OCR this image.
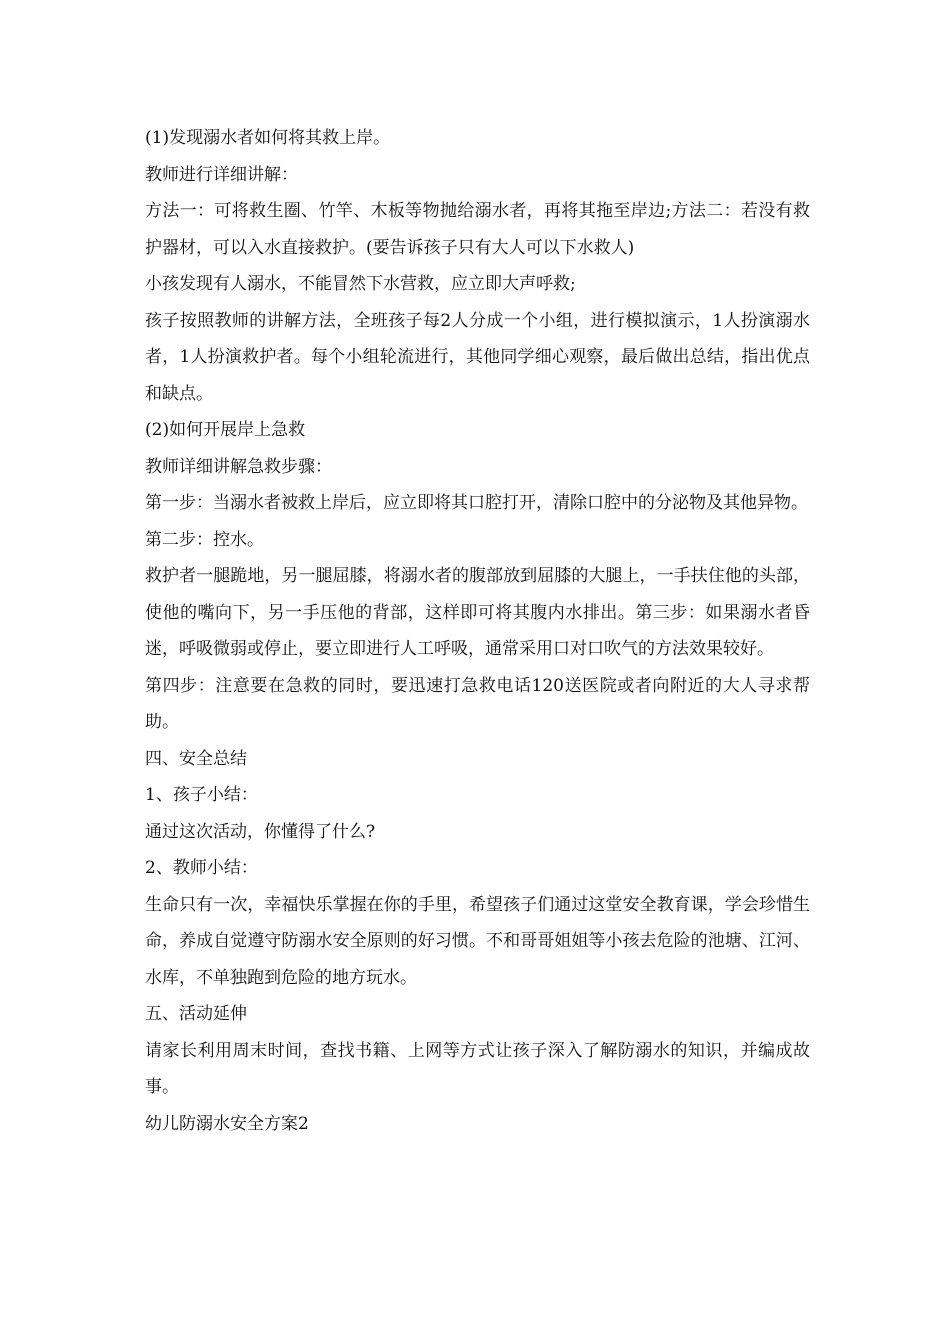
(1)发现溺水者如何将其救上岸。

教师进行详细讲解：

方法一：可将救生圈、竹竿、木板等物抛给溺水者，再将其拖至岸边;方法二：若没有救护器材，可以入水直接救护。(要告诉孩子只有大人可以下水救人)

小孩发现有人溺水，不能冒然下水营救，应立即大声呼救;

孩子按照教师的讲解方法，全班孩子每2人分成一个小组，进行模拟演示，1人扮演溺水者，1人扮演救护者。每个小组轮流进行，其他同学细心观察，最后做出总结，指出优点和缺点。

(2)如何开展岸上急救

教师详细讲解急救步骤：

第一步：当溺水者被救上岸后，应立即将其口腔打开，清除口腔中的分泌物及其他异物。

第二步：控水。

救护者一腿跪地，另一腿屈膝，将溺水者的腹部放到屈膝的大腿上，一手扶住他的头部，使他的嘴向下，另一手压他的背部，这样即可将其腹内水排出。第三步：如果溺水者昏迷，呼吸微弱或停止，要立即进行人工呼吸，通常采用口对口吹气的方法效果较好。

第四步：注意要在急救的同时，要迅速打急救电话120送医院或者向附近的大人寻求帮助。

四、安全总结

1、孩子小结：

通过这次活动，你懂得了什么?

2、教师小结：

生命只有一次，幸福快乐掌握在你的手里，希望孩子们通过这堂安全教育课，学会珍惜生命，养成自觉遵守防溺水安全原则的好习惯。不和哥哥姐姐等小孩去危险的池塘、江河、水库，不单独跑到危险的地方玩水。

五、活动延伸

请家长利用周末时间，查找书籍、上网等方式让孩子深入了解防溺水的知识，并编成故事。

幼儿防溺水安全方案2
